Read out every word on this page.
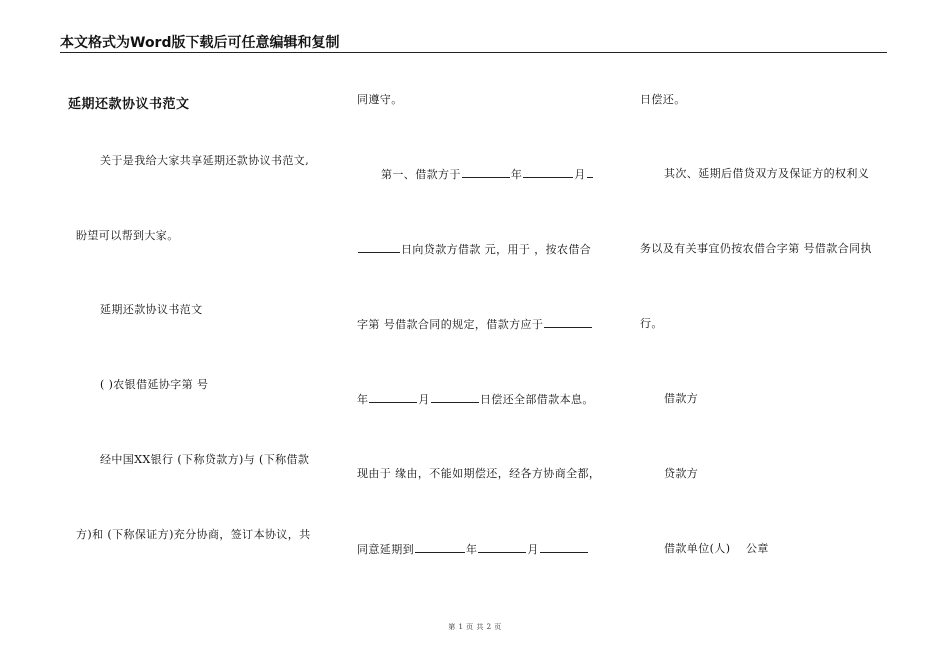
本文格式为Word版下载后可任意编辑和复制
延期还款协议书范文
关于是我给大家共享延期还款协议书范文,
盼望可以帮到大家。
延期还款协议书范文
( )农银借延协字第 号
经中国XX银行 (下称贷款方)与 (下称借款
方)和 (下称保证方)充分协商，签订本协议，共
同遵守。
第一、借款方于	年	月
日向贷款方借款 元，用于 ，按农借合
字第 号借款合同的规定，借款方应于
年	月	日偿还全部借款本息。
现由于 缘由，不能如期偿还，经各方协商全都，
同意延期到	年	月
日偿还。
其次、延期后借贷双方及保证方的权利义
务以及有关事宜仍按农借合字第 号借款合同执
行。
借款方
贷款方
借款单位(人)    公章
第 1 页 共 2 页
